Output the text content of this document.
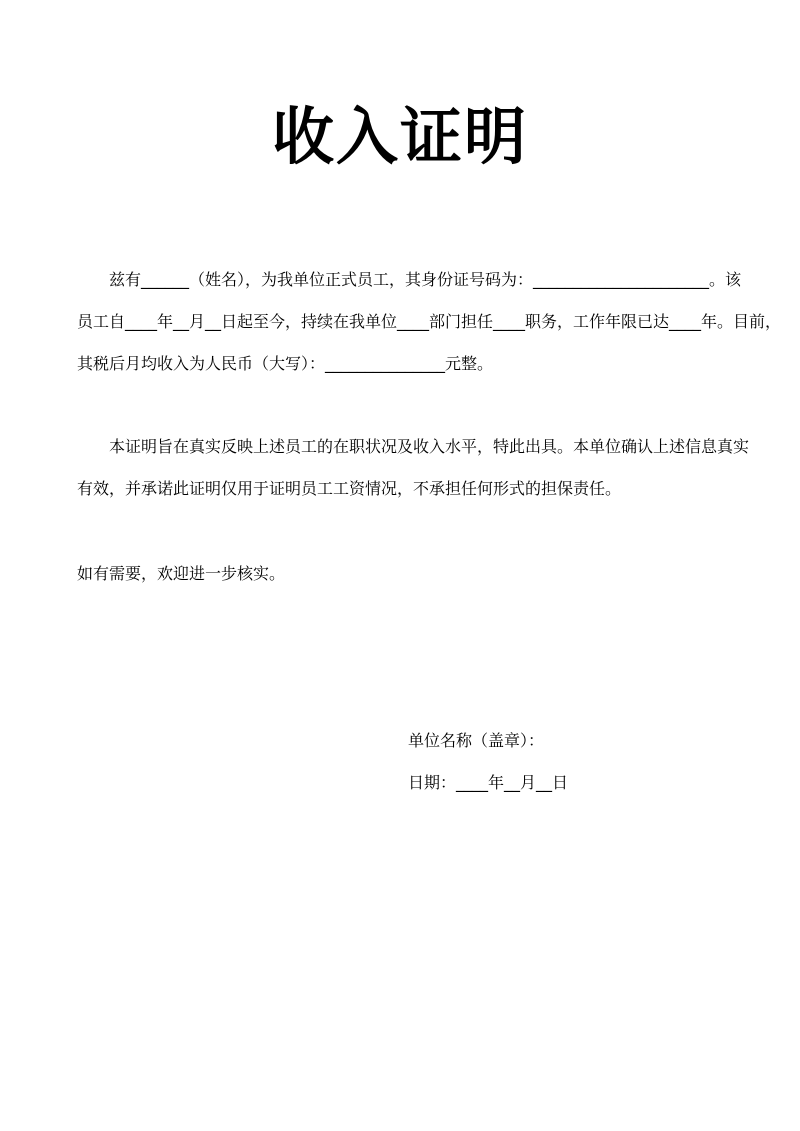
收入证明
兹有______（姓名），为我单位正式员工，其身份证号码为：______________________。该
员工自____年__月__日起至今，持续在我单位____部门担任____职务，工作年限已达____年。目前，
其税后月均收入为人民币（大写）：_______________元整。
本证明旨在真实反映上述员工的在职状况及收入水平，特此出具。本单位确认上述信息真实
有效，并承诺此证明仅用于证明员工工资情况，不承担任何形式的担保责任。
如有需要，欢迎进一步核实。
单位名称（盖章）：
日期：____年__月__日
